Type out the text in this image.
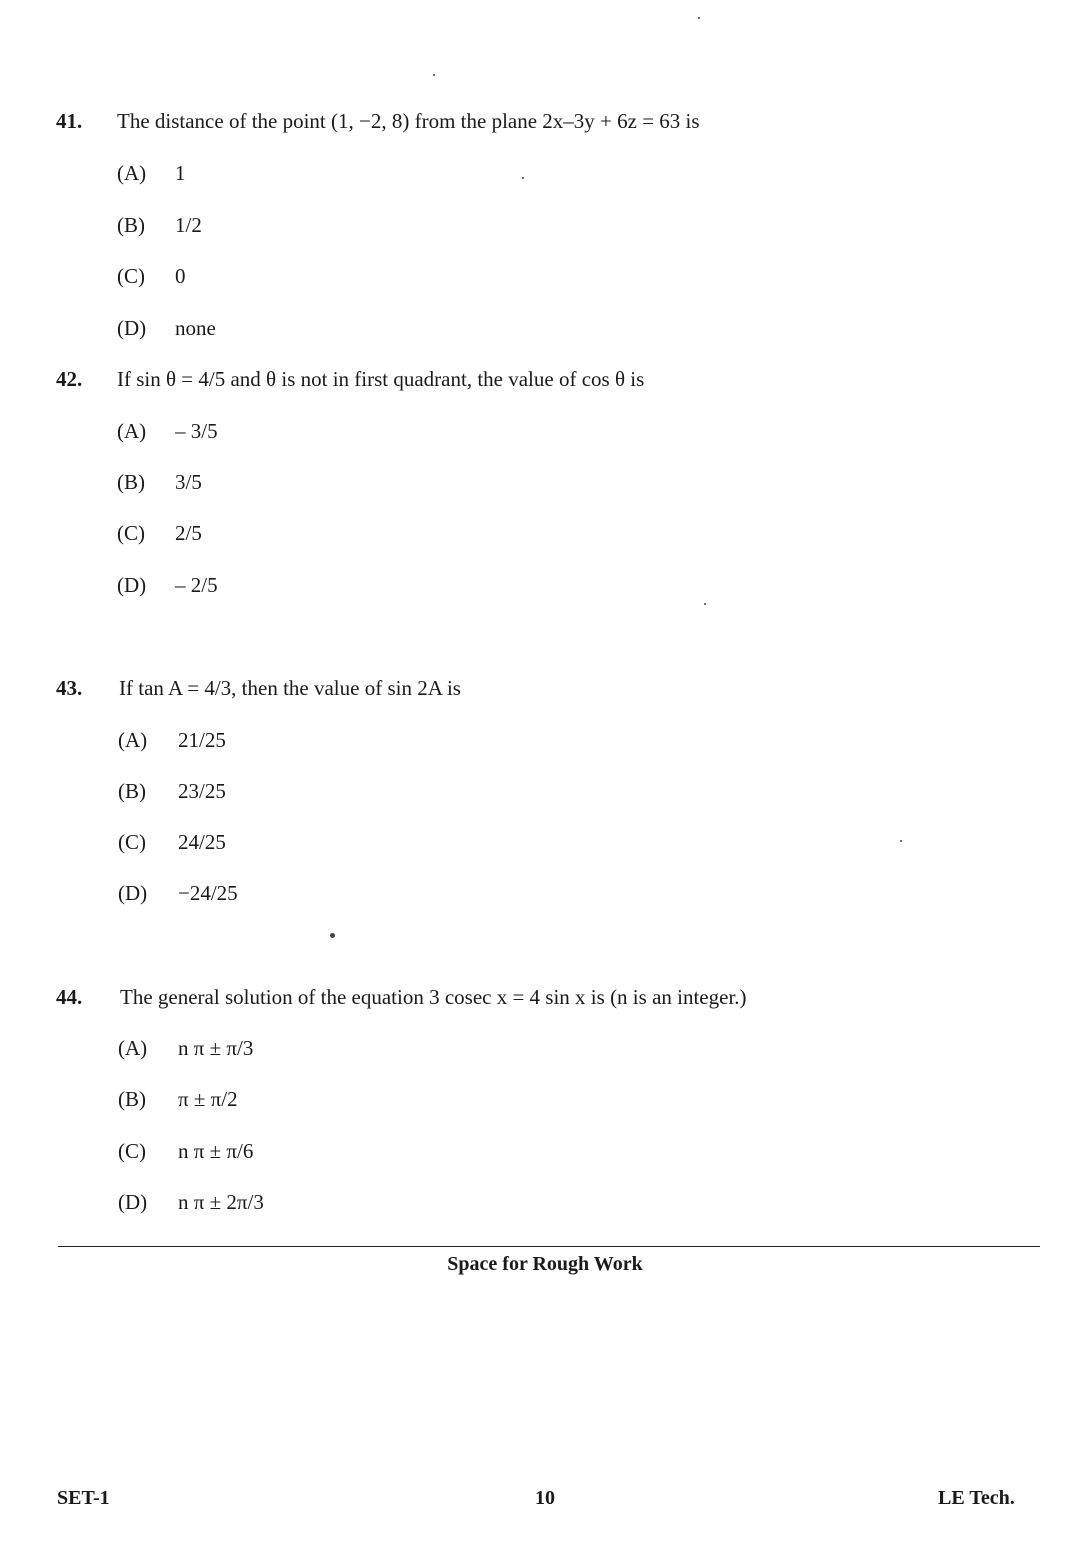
41. The distance of the point (1, −2, 8) from the plane 2x–3y + 6z = 63 is
(A) 1
(B) 1/2
(C) 0
(D) none
42. If sin θ = 4/5 and θ is not in first quadrant, the value of cos θ is
(A) – 3/5
(B) 3/5
(C) 2/5
(D) – 2/5
43. If tan A = 4/3, then the value of sin 2A is
(A) 21/25
(B) 23/25
(C) 24/25
(D) −24/25
44. The general solution of the equation 3 cosec x = 4 sin x is (n is an integer.)
(A) n π ± π/3
(B) π ± π/2
(C) n π ± π/6
(D) n π ± 2π/3
Space for Rough Work
SET-1	10	LE Tech.
